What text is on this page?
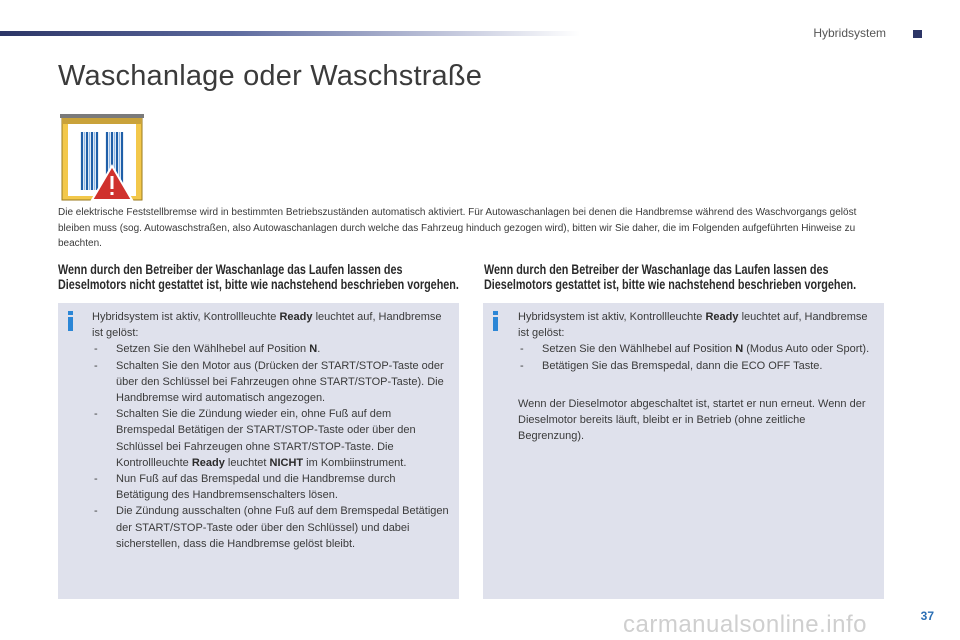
Hybridsystem
Waschanlage oder Waschstraße

Die elektrische Feststellbremse wird in bestimmten Betriebszuständen automatisch aktiviert. Für Autowaschanlagen bei denen die Handbremse während des Waschvorgangs gelöst bleiben muss (sog. Autowaschstraßen, also Autowaschanlagen durch welche das Fahrzeug hinduch gezogen wird), bitten wir Sie daher, die im Folgenden aufgeführten Hinweise zu beachten.

Wenn durch den Betreiber der Waschanlage das Laufen lassen des
Dieselmotors nicht gestattet ist, bitte wie nachstehend beschrieben vorgehen.

Hybridsystem ist aktiv, Kontrollleuchte Ready leuchtet auf, Handbremse ist gelöst:

- Setzen Sie den Wählhebel auf Position N.
- Schalten Sie den Motor aus (Drücken der START/STOP-Taste oder über den Schlüssel bei Fahrzeugen ohne START/STOP-Taste). Die Handbremse wird automatisch angezogen.
- Schalten Sie die Zündung wieder ein, ohne Fuß auf dem Bremspedal Betätigen der START/STOP-Taste oder über den Schlüssel bei Fahrzeugen ohne START/STOP-Taste. Die Kontrollleuchte Ready leuchtet NICHT im Kombiinstrument.
- Nun Fuß auf das Bremspedal und die Handbremse durch Betätigung des Handbremsenschalters lösen.
- Die Zündung ausschalten (ohne Fuß auf dem Bremspedal Betätigen der START/STOP-Taste oder über den Schlüssel) und dabei sicherstellen, dass die Handbremse gelöst bleibt.
Wenn durch den Betreiber der Waschanlage das Laufen lassen des
Dieselmotors gestattet ist, bitte wie nachstehend beschrieben vorgehen.

Hybridsystem ist aktiv, Kontrollleuchte Ready leuchtet auf, Handbremse ist gelöst:

- Setzen Sie den Wählhebel auf Position N (Modus Auto oder Sport).
- Betätigen Sie das Bremspedal, dann die ECO OFF Taste.

Wenn der Dieselmotor abgeschaltet ist, startet er nun erneut. Wenn der Dieselmotor bereits läuft, bleibt er in Betrieb (ohne zeitliche Begrenzung).

carmanualsonline.info	37
